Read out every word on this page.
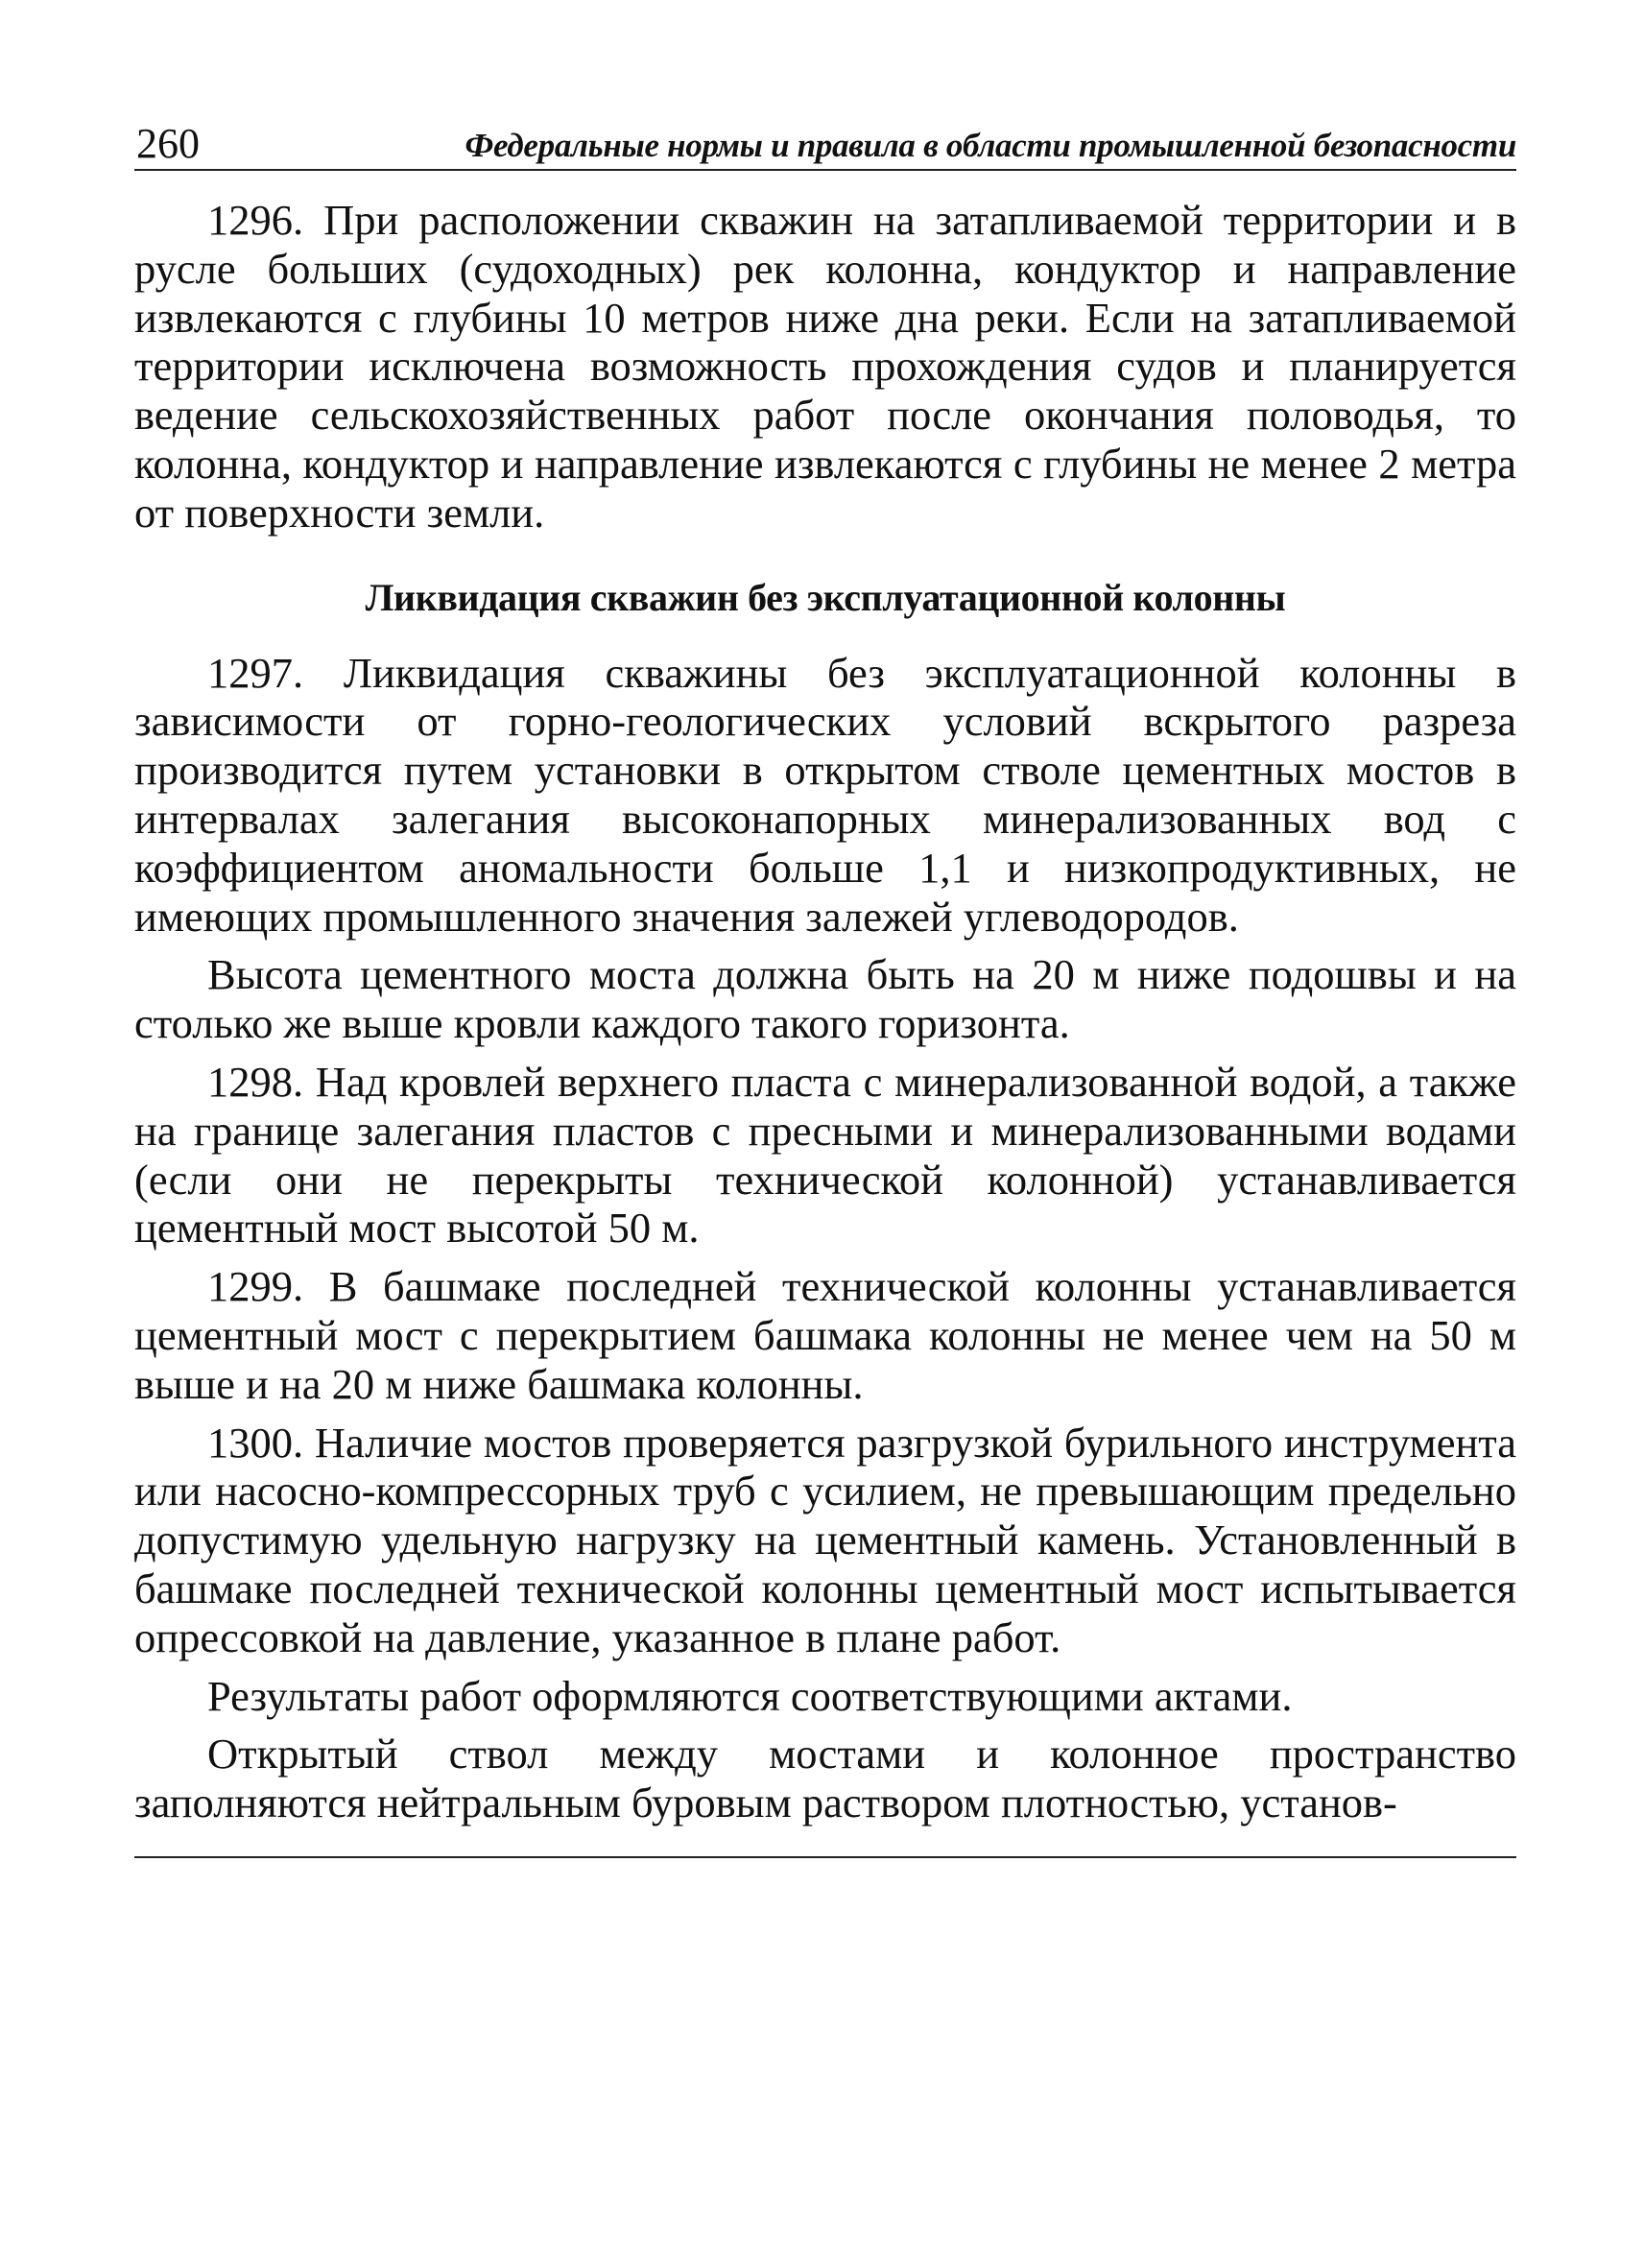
260	Федеральные нормы и правила в области промышленной безопасности

1296. При расположении скважин на затапливаемой территории и в русле больших (судоходных) рек колонна, кондуктор и направление извлекаются с глубины 10 метров ниже дна реки. Если на затапливаемой территории исключена возможность прохождения судов и планируется ведение сельскохозяйственных работ после окончания половодья, то колонна, кондуктор и направление извлекаются с глубины не менее 2 метра от поверхности земли.

Ликвидация скважин без эксплуатационной колонны

1297. Ликвидация скважины без эксплуатационной колонны в зависимости от горно-геологических условий вскрытого разреза производится путем установки в открытом стволе цементных мостов в интервалах залегания высоконапорных минерализованных вод с коэффициентом аномальности больше 1,1 и низкопродуктивных, не имеющих промышленного значения залежей углеводородов.

Высота цементного моста должна быть на 20 м ниже подошвы и на столько же выше кровли каждого такого горизонта.

1298. Над кровлей верхнего пласта с минерализованной водой, а также на границе залегания пластов с пресными и минерализованными водами (если они не перекрыты технической колонной) устанавливается цементный мост высотой 50 м.

1299. В башмаке последней технической колонны устанавливается цементный мост с перекрытием башмака колонны не менее чем на 50 м выше и на 20 м ниже башмака колонны.

1300. Наличие мостов проверяется разгрузкой бурильного инструмента или насосно-компрессорных труб с усилием, не превышающим предельно допустимую удельную нагрузку на цементный камень. Установленный в башмаке последней технической колонны цементный мост испытывается опрессовкой на давление, указанное в плане работ.

Результаты работ оформляются соответствующими актами.

Открытый ствол между мостами и колонное пространство заполняются нейтральным буровым раствором плотностью, установ-
